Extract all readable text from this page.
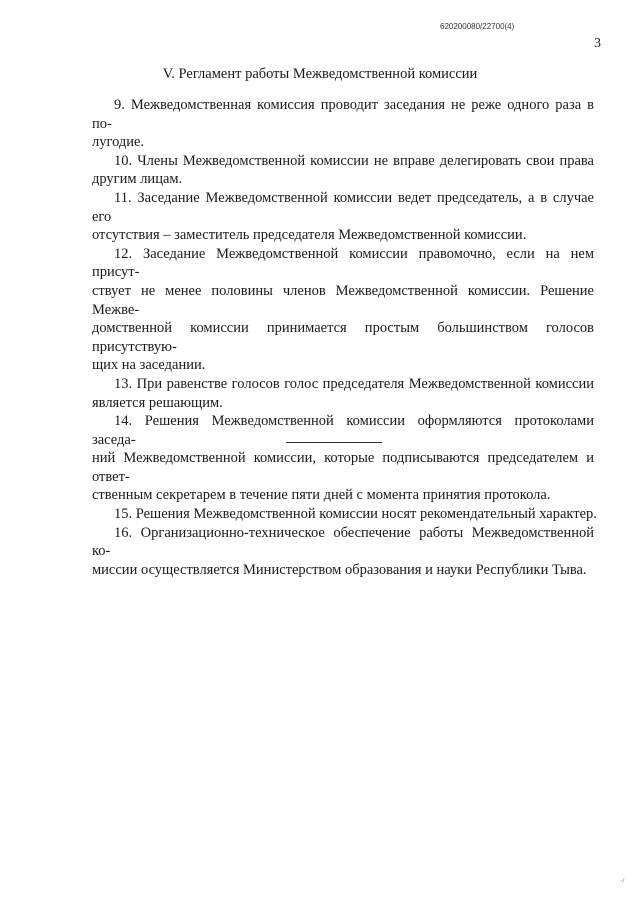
620200080/22700(4)
3
V. Регламент работы Межведомственной комиссии
9. Межведомственная комиссия проводит заседания не реже одного раза в по-
лугодие.
10. Члены Межведомственной комиссии не вправе делегировать свои права
другим лицам.
11. Заседание Межведомственной комиссии ведет председатель, а в случае его
отсутствия – заместитель председателя Межведомственной комиссии.
12. Заседание Межведомственной комиссии правомочно, если на нем присут-
ствует не менее половины членов Межведомственной комиссии. Решение Межве-
домственной комиссии принимается простым большинством голосов присутствую-
щих на заседании.
13. При равенстве голосов голос председателя Межведомственной комиссии
является решающим.
14. Решения Межведомственной комиссии оформляются протоколами заседа-
ний Межведомственной комиссии, которые подписываются председателем и ответ-
ственным секретарем в течение пяти дней с момента принятия протокола.
15. Решения Межведомственной комиссии носят рекомендательный характер.
16. Организационно-техническое обеспечение работы Межведомственной ко-
миссии осуществляется Министерством образования и науки Республики Тыва.
·/
